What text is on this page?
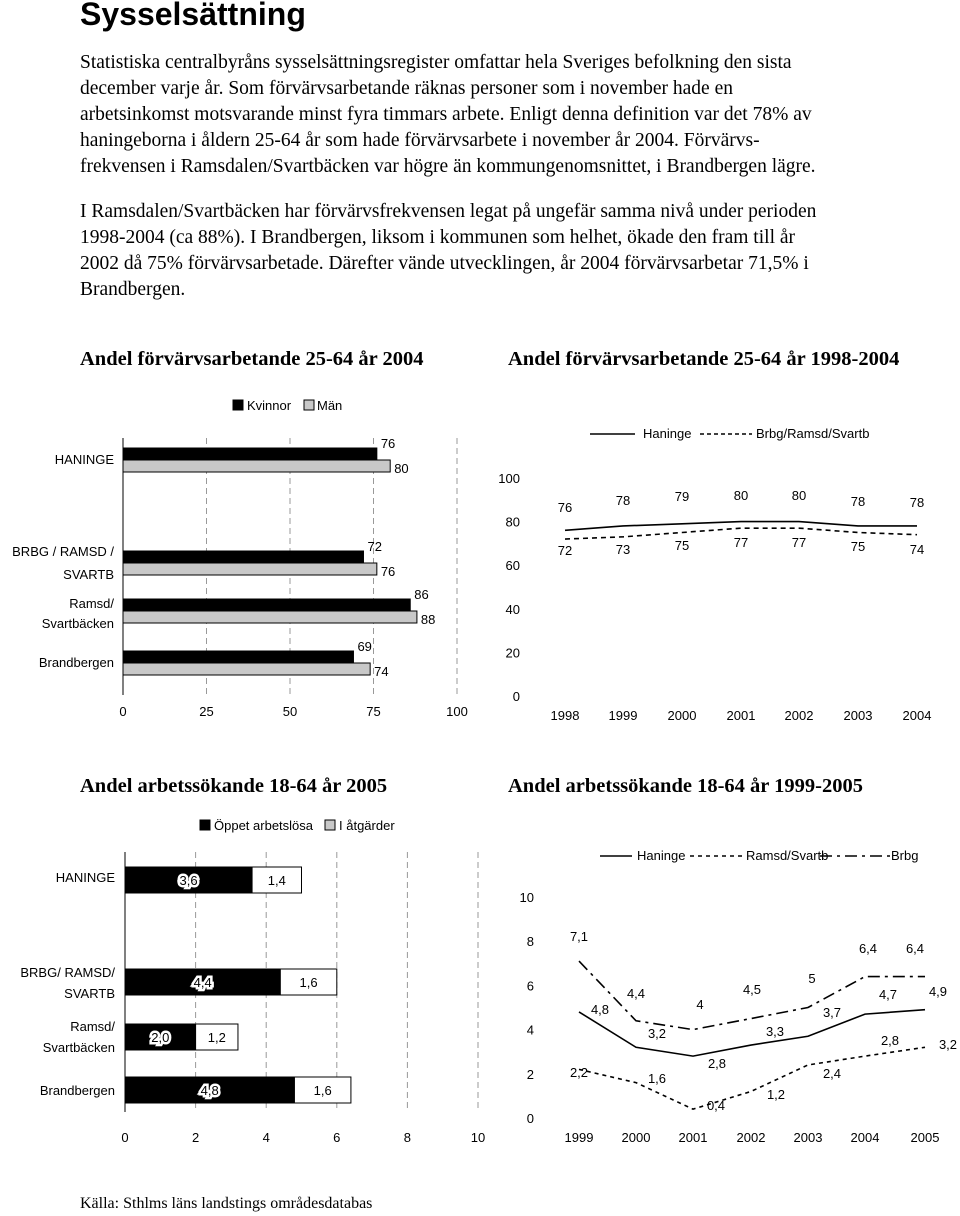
Sysselsättning
Statistiska centralbyråns sysselsättningsregister omfattar hela Sveriges befolkning den sista
december varje år. Som förvärvsarbetande räknas personer som i november hade en
arbetsinkomst motsvarande minst fyra timmars arbete. Enligt denna definition var det 78% av
haningeborna i åldern 25-64 år som hade förvärvsarbete i november år 2004. Förvärvs-
frekvensen i Ramsdalen/Svartbäcken var högre än kommungenomsnittet, i Brandbergen lägre.
I Ramsdalen/Svartbäcken har förvärvsfrekvensen legat på ungefär samma nivå under perioden
1998-2004 (ca 88%). I Brandbergen, liksom i kommunen som helhet, ökade den fram till år
2002 då 75% förvärvsarbetade. Därefter vände utvecklingen, år 2004 förvärvsarbetar 71,5% i
Brandbergen.
Andel förvärvsarbetande 25-64 år 2004	Andel förvärvsarbetande 25-64 år 1998-2004
Andel arbetssökande 18-64 år 2005	Andel arbetssökande 18-64 år 1999-2005
Kvinnor Män
0	25	50	75	100
HANINGE
76
80
BRBG / RAMSD /
SVARTB
72
76
Ramsd/
Svartbäcken
86
88
Brandbergen
69
74
Haninge	Brbg/Ramsd/Svartb
0
20
40
60
80
100
1998 1999 2000 2001 2002 2003 2004
76	78	79	80	80	78	78
72	73	75	77	77	75	74
Öppet arbetslösa I åtgärder
0	2	4	6	8	10
HANINGE	3,6	1,4
BRBG/ RAMSD/
SVARTB
4,4	1,6
Ramsd/
Svartbäcken
2,0	1,2
Brandbergen	4,8	1,6
Haninge	Ramsd/Svartb	Brbg
0
2
4
6
8
10
1999 2000 2001 2002 2003 2004 2005
4,8
3,2
2,8
3,3
3,7
4,7 4,9
2,2	1,6
0,4
1,2
2,4
2,8	3,2
7,1
4,4
4
4,5
5
6,4 6,4
Källa: Sthlms läns landstings områdesdatabas
